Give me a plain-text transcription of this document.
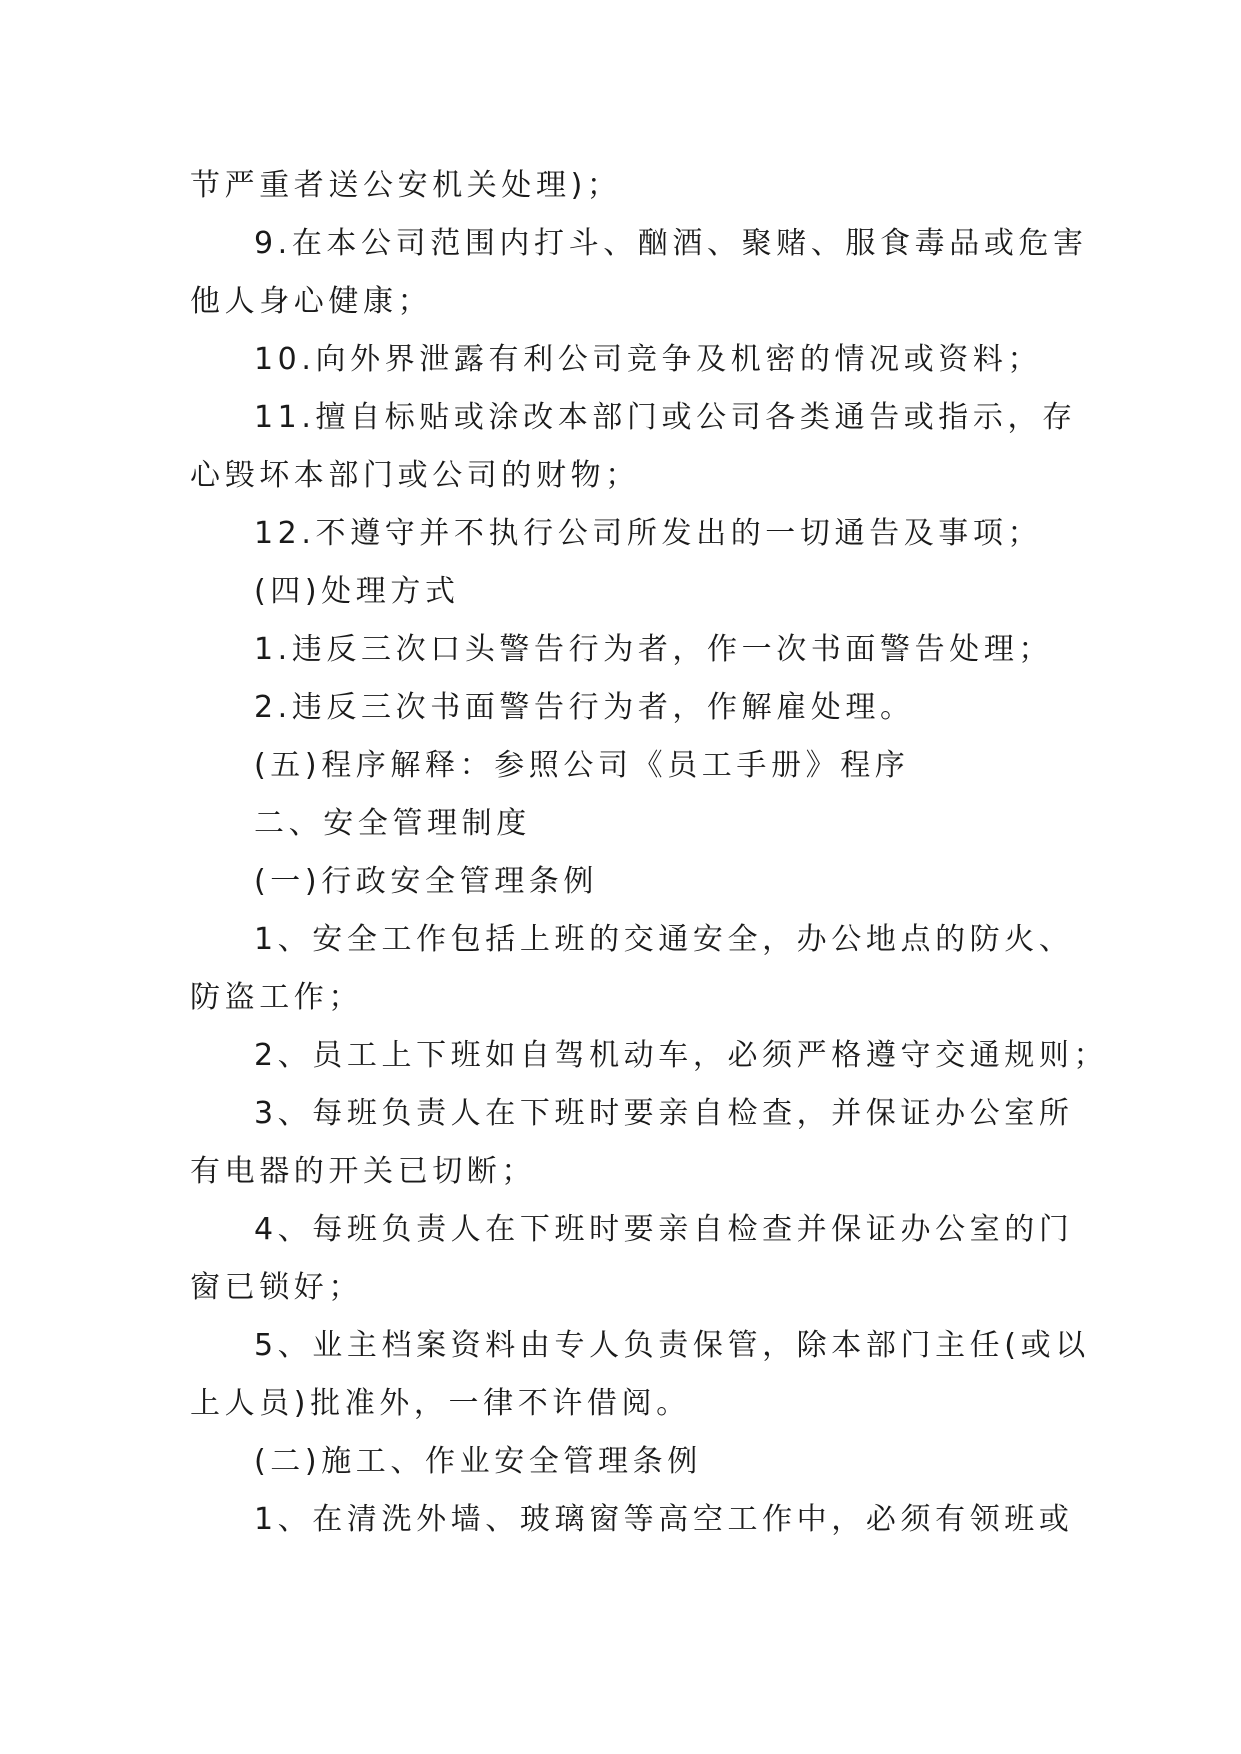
节严重者送公安机关处理)；
9.在本公司范围内打斗、酗酒、聚赌、服食毒品或危害
他人身心健康；
10.向外界泄露有利公司竞争及机密的情况或资料；
11.擅自标贴或涂改本部门或公司各类通告或指示，存
心毁坏本部门或公司的财物；
12.不遵守并不执行公司所发出的一切通告及事项；
(四)处理方式
1.违反三次口头警告行为者，作一次书面警告处理；
2.违反三次书面警告行为者，作解雇处理。
(五)程序解释：参照公司《员工手册》程序
二、安全管理制度
(一)行政安全管理条例
1、安全工作包括上班的交通安全，办公地点的防火、
防盗工作；
2、员工上下班如自驾机动车，必须严格遵守交通规则；
3、每班负责人在下班时要亲自检查，并保证办公室所
有电器的开关已切断；
4、每班负责人在下班时要亲自检查并保证办公室的门
窗已锁好；
5、业主档案资料由专人负责保管，除本部门主任(或以
上人员)批准外，一律不许借阅。
(二)施工、作业安全管理条例
1、在清洗外墙、玻璃窗等高空工作中，必须有领班或
